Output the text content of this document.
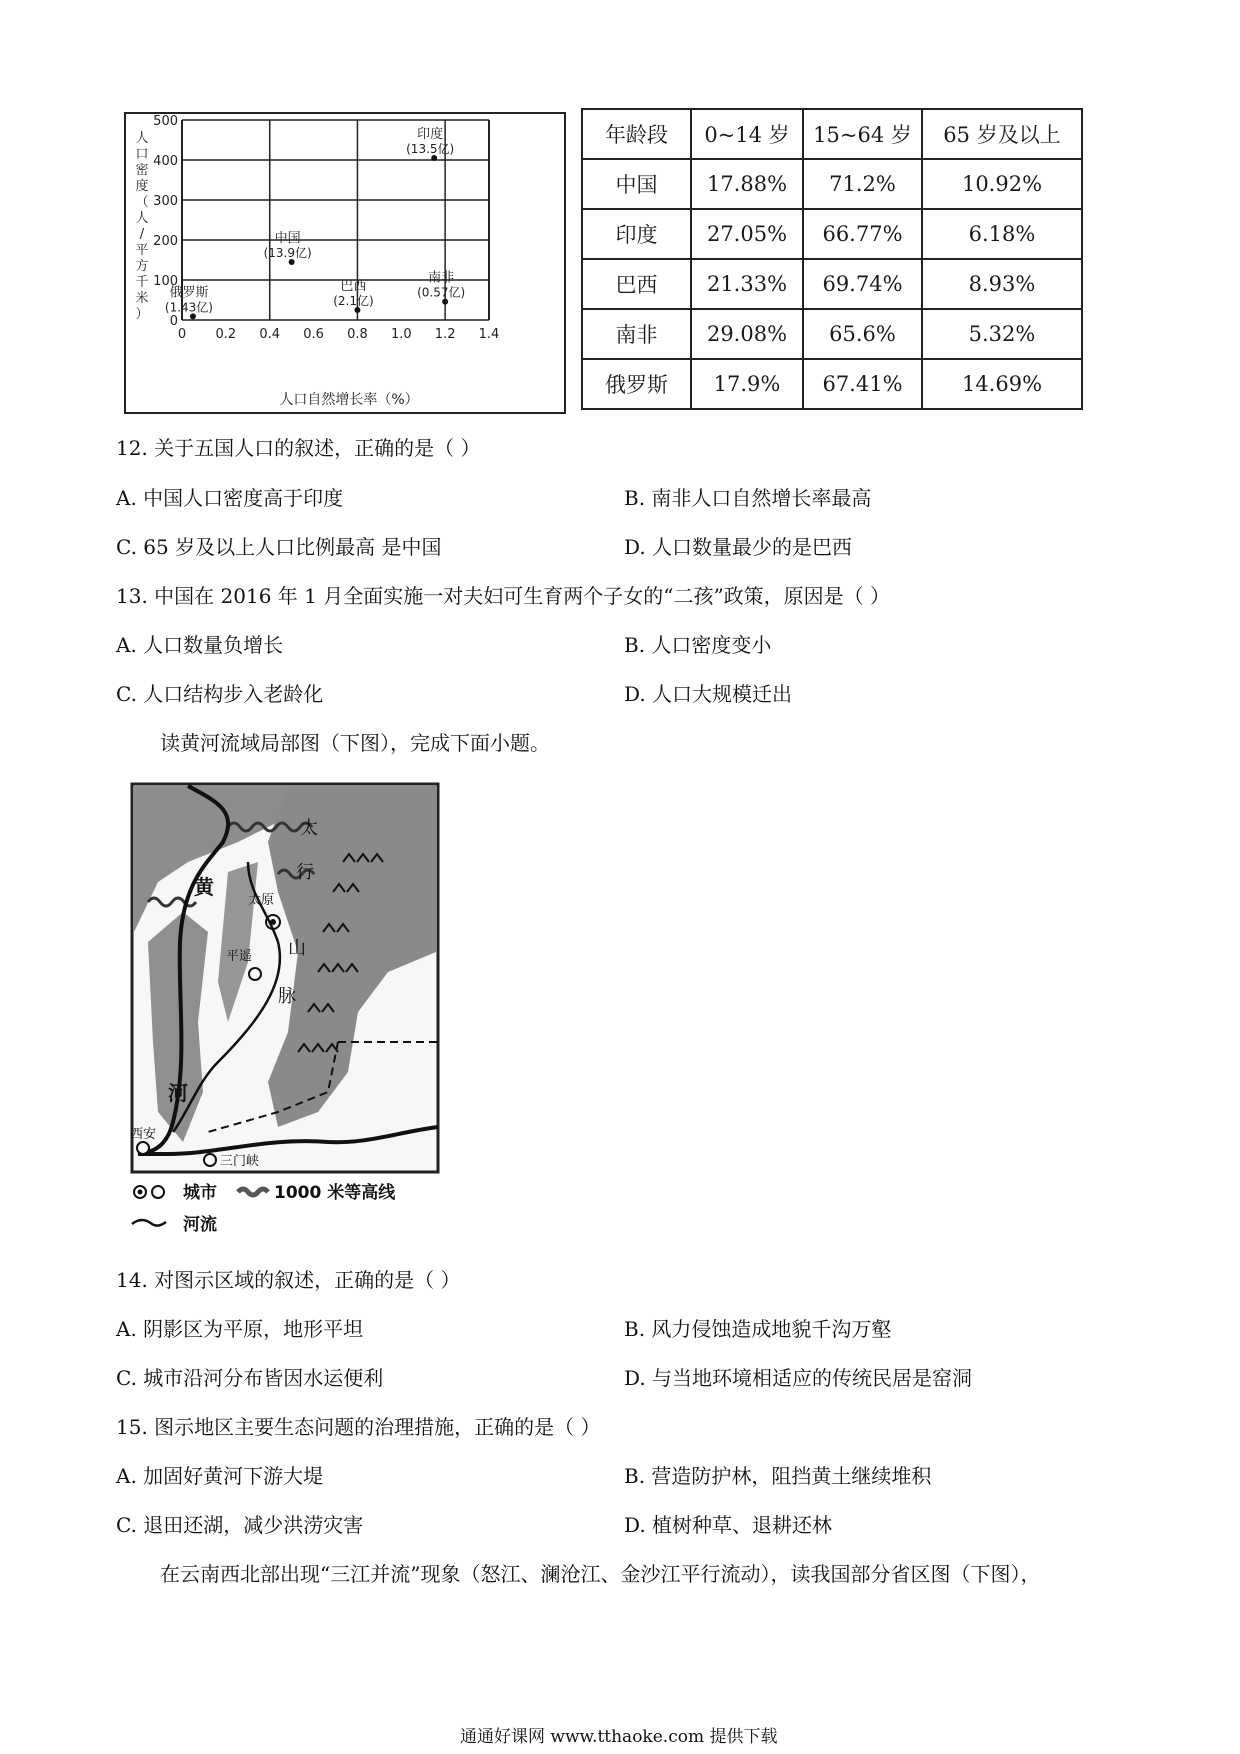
0
100
200
300
400
500
0 0.2 0.4 0.6 0.8 1.0 1.2 1.4
印度
(13.5亿)
中国
(13.9亿)
俄罗斯
(1.43亿)
巴西
(2.1亿)
南非
(0.57亿)
人口自然增长率（%）
人
口
密
度
（
人
/
平
方
千
米
）
年龄段	0~14 岁	15~64 岁	65 岁及以上
中国	17.88%	71.2%	10.92%
印度	27.05%	66.77%	6.18%
巴西	21.33%	69.74%	8.93%
南非	29.08%	65.6%	5.32%
俄罗斯	17.9%	67.41%	14.69%
12. 关于五国人口的叙述，正确的是（ ）
A. 中国人口密度高于印度	B. 南非人口自然增长率最高
C. 65 岁及以上人口比例最高 是中国	D. 人口数量最少的是巴西
13. 中国在 2016 年 1 月全面实施一对夫妇可生育两个子女的“二孩”政策，原因是（ ）
A. 人口数量负增长	B. 人口密度变小
C. 人口结构步入老龄化	D. 人口大规模迁出
读黄河流域局部图（下图），完成下面小题。
黄
河
太
行
山
脉
太原
平遥
西安
三门峡
城市	1000 米等高线
河流
14. 对图示区域的叙述，正确的是（ ）
A. 阴影区为平原，地形平坦	B. 风力侵蚀造成地貌千沟万壑
C. 城市沿河分布皆因水运便利	D. 与当地环境相适应的传统民居是窑洞
15. 图示地区主要生态问题的治理措施，正确的是（ ）
A. 加固好黄河下游大堤	B. 营造防护林，阻挡黄土继续堆积
C. 退田还湖，减少洪涝灾害	D. 植树种草、退耕还林
在云南西北部出现“三江并流”现象（怒江、澜沧江、金沙江平行流动），读我国部分省区图（下图），
通通好课网 www.tthaoke.com 提供下载
